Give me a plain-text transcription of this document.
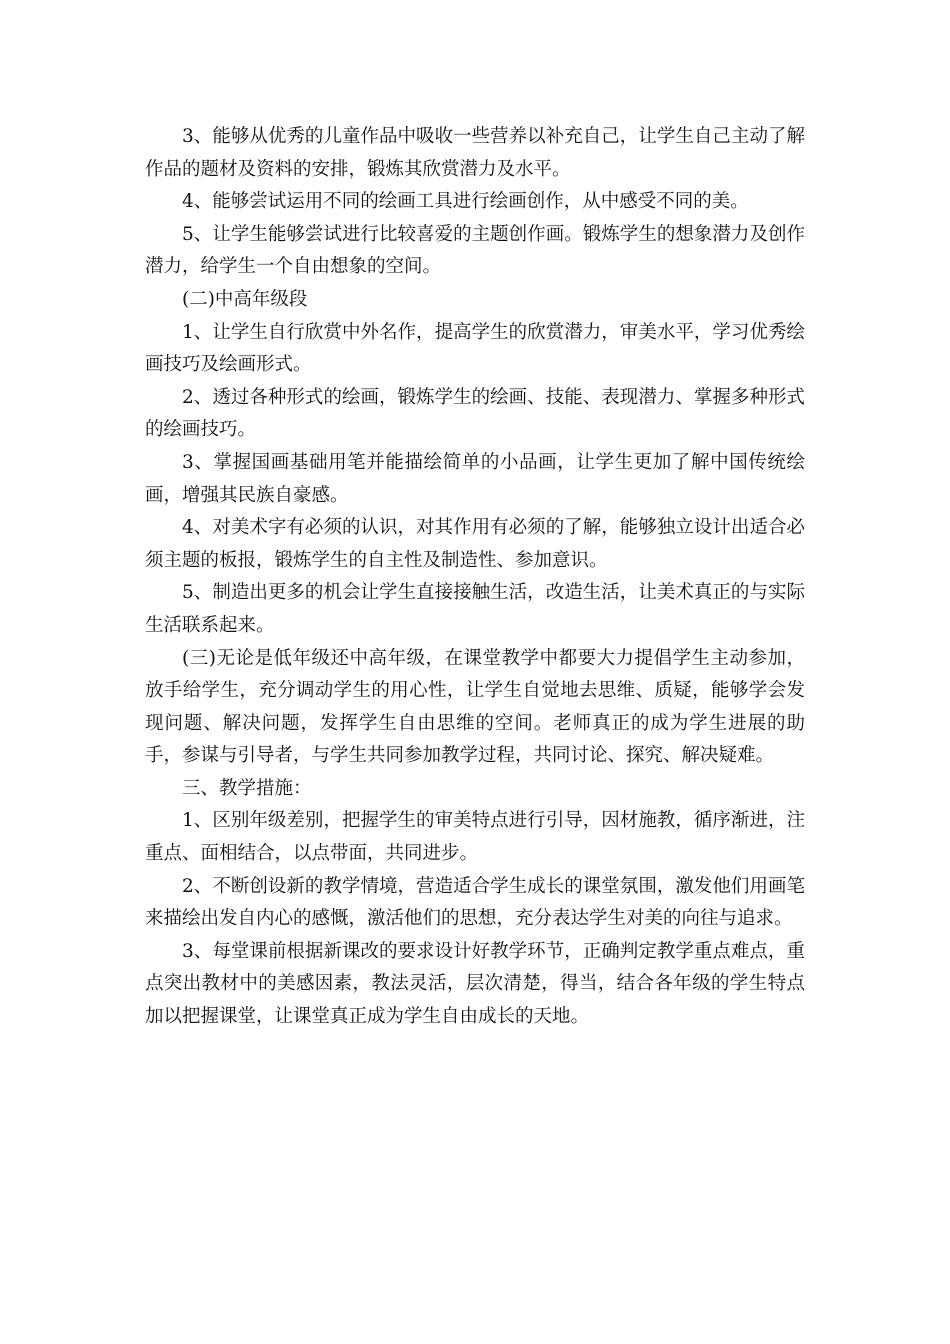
3、能够从优秀的儿童作品中吸收一些营养以补充自己，让学生自己主动了解作品的题材及资料的安排，锻炼其欣赏潜力及水平。

4、能够尝试运用不同的绘画工具进行绘画创作，从中感受不同的美。

5、让学生能够尝试进行比较喜爱的主题创作画。锻炼学生的想象潜力及创作潜力，给学生一个自由想象的空间。

(二)中高年级段

1、让学生自行欣赏中外名作，提高学生的欣赏潜力，审美水平，学习优秀绘画技巧及绘画形式。

2、透过各种形式的绘画，锻炼学生的绘画、技能、表现潜力、掌握多种形式的绘画技巧。

3、掌握国画基础用笔并能描绘简单的小品画，让学生更加了解中国传统绘画，增强其民族自豪感。

4、对美术字有必须的认识，对其作用有必须的了解，能够独立设计出适合必须主题的板报，锻炼学生的自主性及制造性、参加意识。

5、制造出更多的机会让学生直接接触生活，改造生活，让美术真正的与实际生活联系起来。

(三)无论是低年级还中高年级，在课堂教学中都要大力提倡学生主动参加，放手给学生，充分调动学生的用心性，让学生自觉地去思维、质疑，能够学会发现问题、解决问题，发挥学生自由思维的空间。老师真正的成为学生进展的助手，参谋与引导者，与学生共同参加教学过程，共同讨论、探究、解决疑难。

三、教学措施：

1、区别年级差别，把握学生的审美特点进行引导，因材施教，循序渐进，注重点、面相结合，以点带面，共同进步。

2、不断创设新的教学情境，营造适合学生成长的课堂氛围，激发他们用画笔来描绘出发自内心的感慨，激活他们的思想，充分表达学生对美的向往与追求。

3、每堂课前根据新课改的要求设计好教学环节，正确判定教学重点难点，重点突出教材中的美感因素，教法灵活，层次清楚，得当，结合各年级的学生特点加以把握课堂，让课堂真正成为学生自由成长的天地。
